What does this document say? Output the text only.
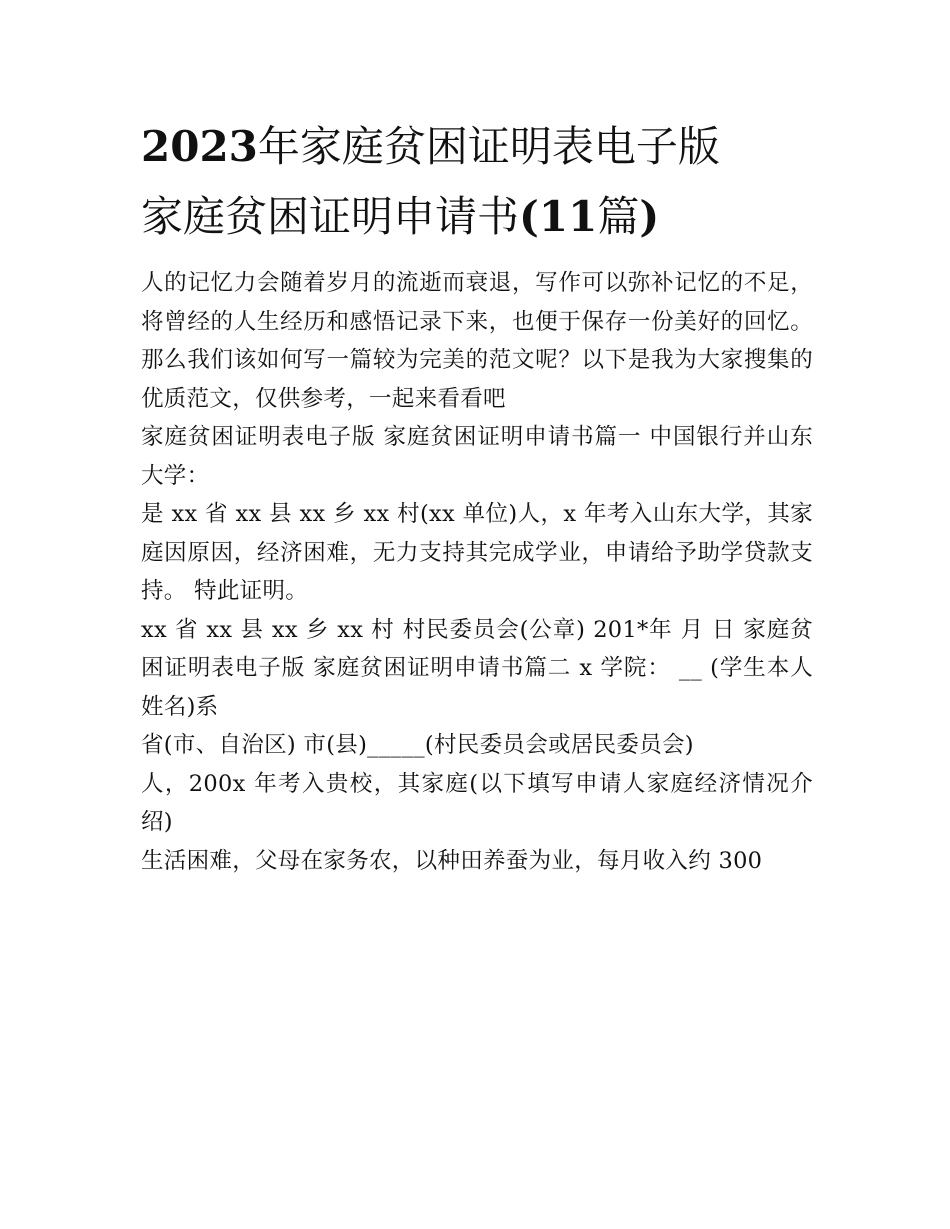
2023年家庭贫困证明表电子版
家庭贫困证明申请书(11篇)

人的记忆力会随着岁月的流逝而衰退，写作可以弥补记忆的不足，将曾经的人生经历和感悟记录下来，也便于保存一份美好的回忆。那么我们该如何写一篇较为完美的范文呢？以下是我为大家搜集的优质范文，仅供参考，一起来看看吧

家庭贫困证明表电子版 家庭贫困证明申请书篇一 中国银行并山东大学：

是 xx 省 xx 县 xx 乡 xx 村(xx 单位)人，x 年考入山东大学，其家庭因原因，经济困难，无力支持其完成学业，申请给予助学贷款支持。 特此证明。

xx 省 xx 县 xx 乡 xx 村 村民委员会(公章) 201*年 月 日 家庭贫困证明表电子版 家庭贫困证明申请书篇二 x 学院： __ (学生本人姓名)系

省(市、自治区) 市(县)_____(村民委员会或居民委员会)

人，200x 年考入贵校，其家庭(以下填写申请人家庭经济情况介绍)

生活困难，父母在家务农，以种田养蚕为业，每月收入约 300
